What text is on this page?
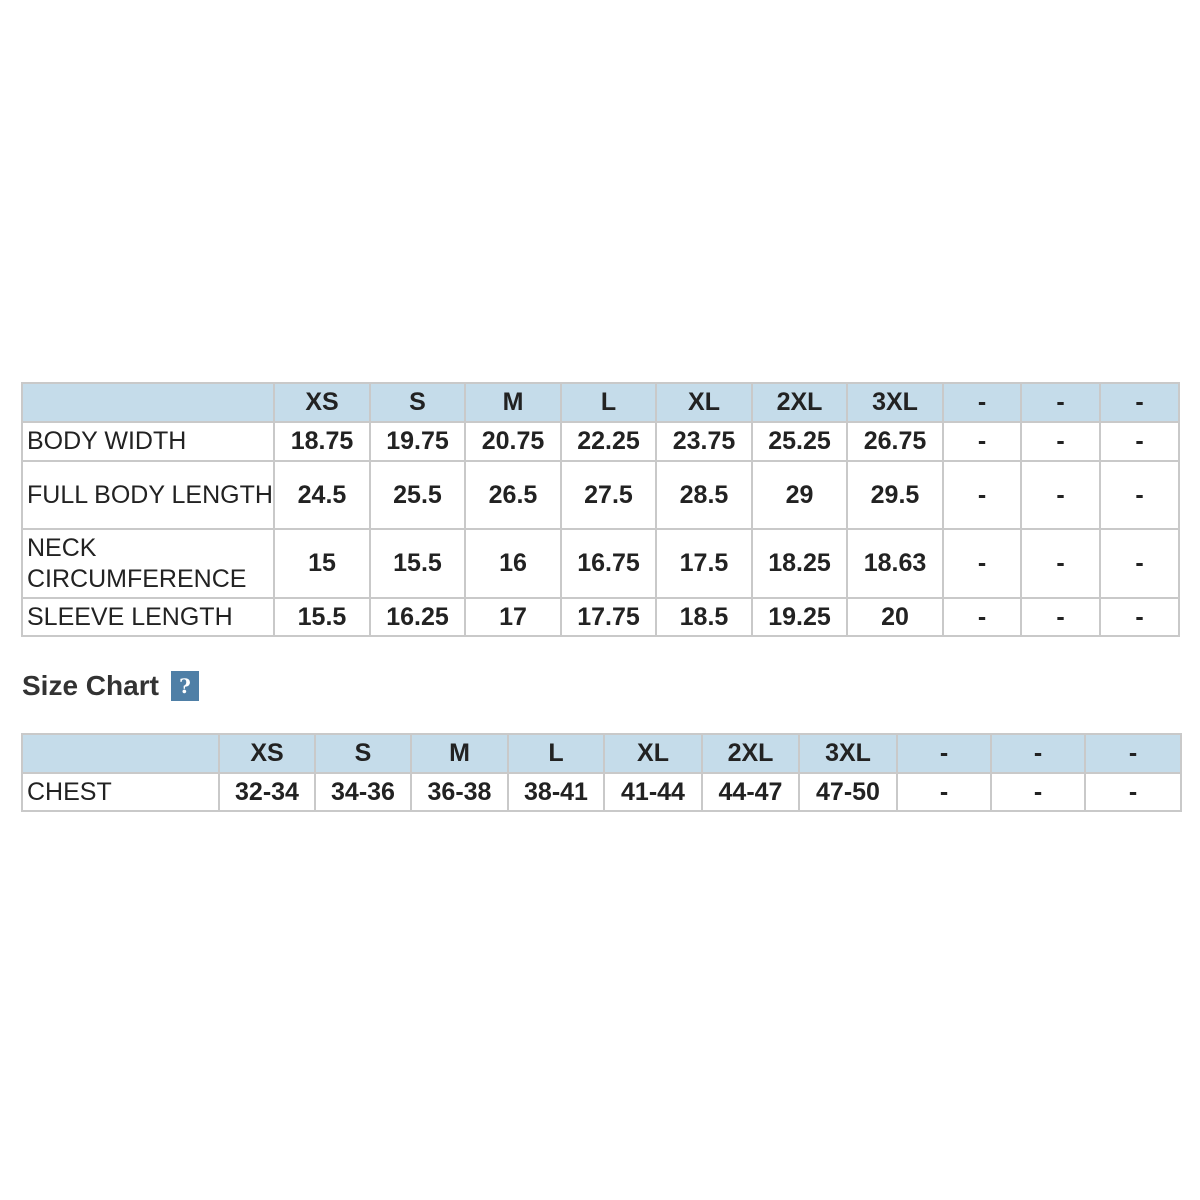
	XS	S	M	L	XL	2XL	3XL	-	-	-
BODY WIDTH	18.75	19.75	20.75	22.25	23.75	25.25	26.75	-	-	-
FULL BODY LENGTH	24.5	25.5	26.5	27.5	28.5	29	29.5	-	-	-
NECK CIRCUMFERENCE	15	15.5	16	16.75	17.5	18.25	18.63	-	-	-
SLEEVE LENGTH	15.5	16.25	17	17.75	18.5	19.25	20	-	-	-
Size Chart	?
	XS	S	M	L	XL	2XL	3XL	-	-	-
CHEST	32-34	34-36	36-38	38-41	41-44	44-47	47-50	-	-	-
